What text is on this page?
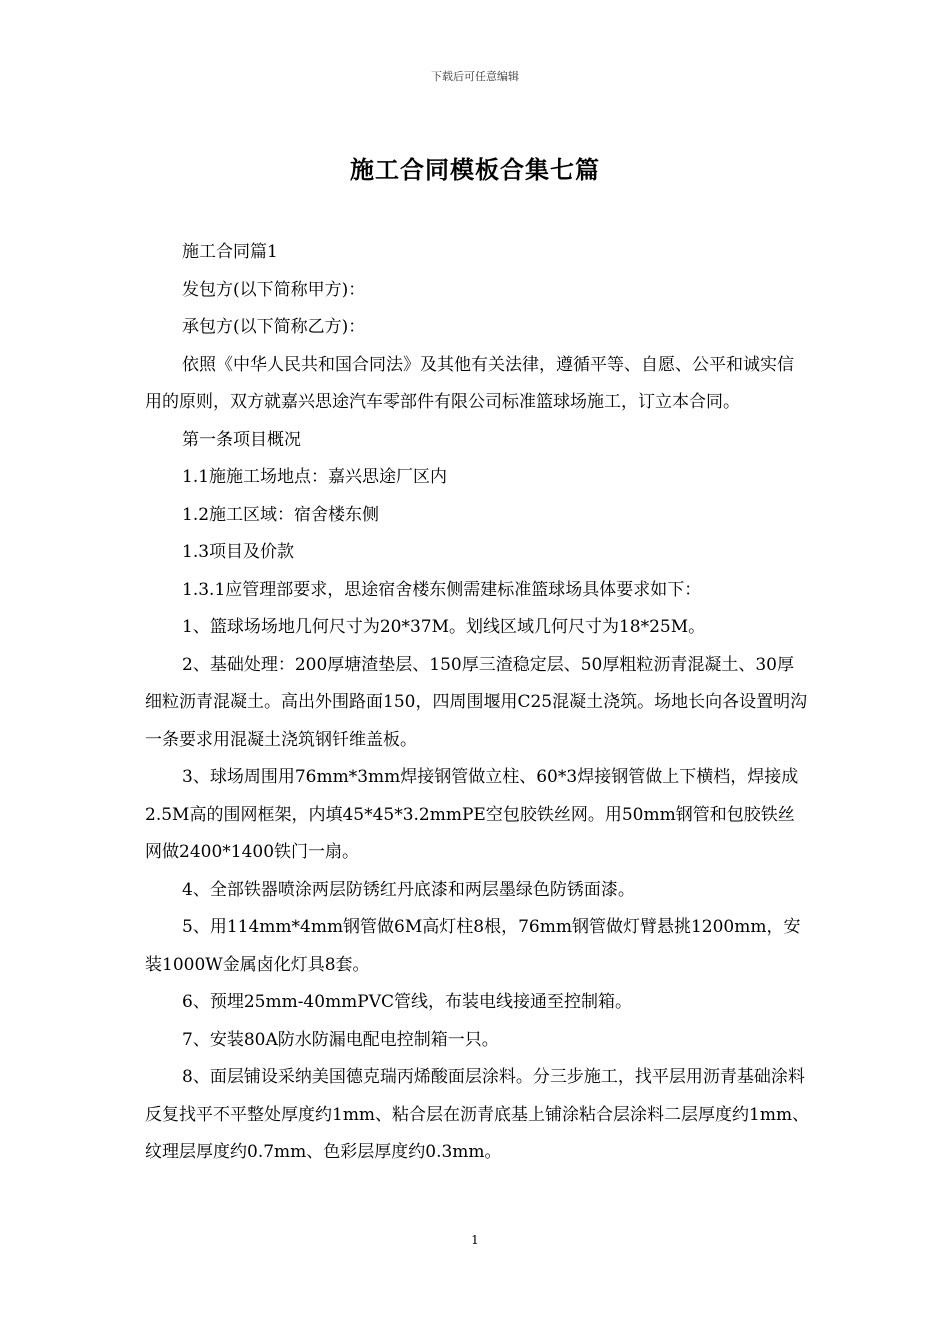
下载后可任意编辑
施工合同模板合集七篇

施工合同篇1

发包方(以下简称甲方)：

承包方(以下简称乙方)：

依照《中华人民共和国合同法》及其他有关法律，遵循平等、自愿、公平和诚实信用的原则，双方就嘉兴思途汽车零部件有限公司标准篮球场施工，订立本合同。

第一条项目概况

1.1施施工场地点：嘉兴思途厂区内

1.2施工区域：宿舍楼东侧

1.3项目及价款

1.3.1应管理部要求，思途宿舍楼东侧需建标准篮球场具体要求如下：

1、篮球场场地几何尺寸为20*37M。划线区域几何尺寸为18*25M。

2、基础处理：200厚塘渣垫层、150厚三渣稳定层、50厚粗粒沥青混凝土、30厚细粒沥青混凝土。高出外围路面150，四周围堰用C25混凝土浇筑。场地长向各设置明沟一条要求用混凝土浇筑钢钎维盖板。

3、球场周围用76mm*3mm焊接钢管做立柱、60*3焊接钢管做上下横档，焊接成2.5M高的围网框架，内填45*45*3.2mmPE空包胶铁丝网。用50mm钢管和包胶铁丝网做2400*1400铁门一扇。

4、全部铁器喷涂两层防锈红丹底漆和两层墨绿色防锈面漆。

5、用114mm*4mm钢管做6M高灯柱8根，76mm钢管做灯臂悬挑1200mm，安装1000W金属卤化灯具8套。

6、预埋25mm-40mmPVC管线，布装电线接通至控制箱。

7、安装80A防水防漏电配电控制箱一只。

8、面层铺设采纳美国德克瑞丙烯酸面层涂料。分三步施工，找平层用沥青基础涂料反复找平不平整处厚度约1mm、粘合层在沥青底基上铺涂粘合层涂料二层厚度约1mm、纹理层厚度约0.7mm、色彩层厚度约0.3mm。

1
